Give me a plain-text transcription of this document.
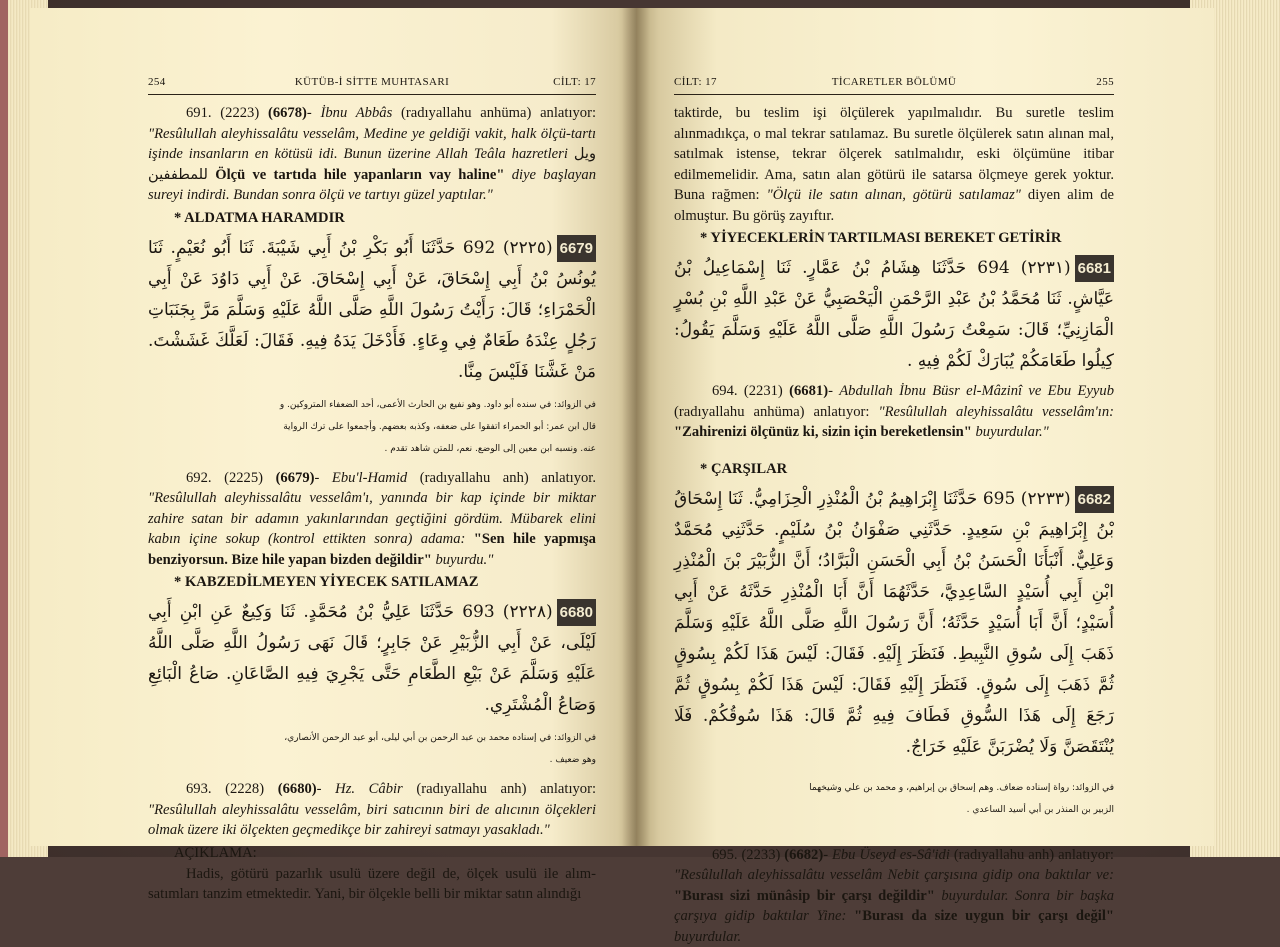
254	KÜTÜB-İ SİTTE MUHTASARI	CİLT: 17

691. (2223) (6678)- İbnu Abbâs (radıyallahu anhüma) anlatıyor: "Resûlullah aleyhissalâtu vesselâm, Medine ye geldiği vakit, halk ölçü-tartı işinde insanların en kötüsü idi. Bunun üzerine Allah Teâla hazretleri ويل للمطففين Ölçü ve tartıda hile yapanların vay haline" diye başlayan sureyi indirdi. Bundan sonra ölçü ve tartıyı güzel yaptılar."

* ALDATMA HARAMDIR
6679(٢٢٢٥) 692 حَدَّثَنَا أَبُو بَكْرِ بْنُ أَبِي شَيْبَةَ. ثَنَا أَبُو نُعَيْمٍ. ثَنَا يُونُسُ بْنُ أَبِي إِسْحَاقَ، عَنْ أَبِي إِسْحَاقَ. عَنْ أَبِي دَاوُدَ عَنْ أَبِي الْحَمْرَاءِ؛ قَالَ: رَأَيْتُ رَسُولَ اللَّهِ صَلَّى اللَّهُ عَلَيْهِ وَسَلَّمَ مَرَّ بِجَنَبَاتِ رَجُلٍ عِنْدَهُ طَعَامٌ فِي وِعَاءٍ. فَأَدْخَلَ يَدَهُ فِيهِ. فَقَالَ: لَعَلَّكَ غَشَشْتَ. مَنْ غَشَّنَا فَلَيْسَ مِنَّا.
في الزوائد: في سنده أبو داود. وهو نفيع بن الحارث الأعمى، أحد الضعفاء المتروكين. و
قال ابن عمر: أبو الحمراء اتفقوا على ضعفه، وكذبه بعضهم. وأجمعوا على ترك الرواية
عنه. ونسبه ابن معين إلى الوضع. نعم، للمتن شاهد تقدم .

692. (2225) (6679)- Ebu'l-Hamid (radıyallahu anh) anlatıyor. "Resûlullah aleyhissalâtu vesselâm'ı, yanında bir kap içinde bir miktar zahire satan bir adamın yakınlarından geçtiğini gördüm. Mübarek elini kabın içine sokup (kontrol ettikten sonra) adama: "Sen hile yapmışa benziyorsun. Bize hile yapan bizden değildir" buyurdu."

* KABZEDİLMEYEN YİYECEK SATILAMAZ
6680(٢٢٢٨) 693 حَدَّثَنَا عَلِيُّ بْنُ مُحَمَّدٍ. ثَنَا وَكِيعٌ عَنِ ابْنِ أَبِي لَيْلَى، عَنْ أَبِي الزُّبَيْرِ عَنْ جَابِرٍ؛ قَالَ نَهَى رَسُولُ اللَّهِ صَلَّى اللَّهُ عَلَيْهِ وَسَلَّمَ عَنْ بَيْعِ الطَّعَامِ حَتَّى يَجْرِيَ فِيهِ الصَّاعَانِ. صَاعُ الْبَائِعِ وَصَاعُ الْمُشْتَرِي.
في الزوائد: في إسناده محمد بن عبد الرحمن بن أبي ليلى، أبو عبد الرحمن الأنصاري،
وهو ضعيف .

693. (2228) (6680)- Hz. Câbir (radıyallahu anh) anlatıyor: "Resûlullah aleyhissalâtu vesselâm, biri satıcının biri de alıcının ölçekleri olmak üzere iki ölçekten geçmedikçe bir zahireyi satmayı yasakladı."

AÇIKLAMA:

Hadis, götürü pazarlık usulü üzere değil de, ölçek usulü ile alım-satımları tanzim etmektedir. Yani, bir ölçekle belli bir miktar satın alındığı

CİLT: 17	TİCARETLER BÖLÜMÜ	255

taktirde, bu teslim işi ölçülerek yapılmalıdır. Bu suretle teslim alınmadıkça, o mal tekrar satılamaz. Bu suretle ölçülerek satın alınan mal, satılmak istense, tekrar ölçerek satılmalıdır, eski ölçümüne itibar edilmemelidir. Ama, satın alan götürü ile satarsa ölçmeye gerek yoktur. Buna rağmen: "Ölçü ile satın alınan, götürü satılamaz" diyen alim de olmuştur. Bu görüş zayıftır.

* YİYECEKLERİN TARTILMASI BEREKET GETİRİR
6681(٢٢٣١) 694 حَدَّثَنَا هِشَامُ بْنُ عَمَّارٍ. ثَنَا إِسْمَاعِيلُ بْنُ عَيَّاشٍ. ثَنَا مُحَمَّدُ بْنُ عَبْدِ الرَّحْمَنِ الْيَحْصَبِيُّ عَنْ عَبْدِ اللَّهِ بْنِ بُسْرٍ الْمَازِنِيِّ؛ قَالَ: سَمِعْتُ رَسُولَ اللَّهِ صَلَّى اللَّهُ عَلَيْهِ وَسَلَّمَ يَقُولُ: كِيلُوا طَعَامَكُمْ يُبَارَكْ لَكُمْ فِيهِ .

694. (2231) (6681)- Abdullah İbnu Büsr el-Mâzinî ve Ebu Eyyub (radıyallahu anhüma) anlatıyor: "Resûlullah aleyhissalâtu vesselâm'ın: "Zahirenizi ölçünüz ki, sizin için bereketlensin" buyurdular."

* ÇARŞILAR
6682(٢٢٣٣) 695 حَدَّثَنَا إِبْرَاهِيمُ بْنُ الْمُنْذِرِ الْحِزَامِيُّ. ثَنَا إِسْحَاقُ بْنُ إِبْرَاهِيمَ بْنِ سَعِيدٍ. حَدَّثَنِي صَفْوَانُ بْنُ سُلَيْمٍ. حَدَّثَنِي مُحَمَّدٌ وَعَلِيٌّ. أَنْبَأَنَا الْحَسَنُ بْنُ أَبِي الْحَسَنِ الْبَرَّادُ؛ أَنَّ الزُّبَيْرَ بْنَ الْمُنْذِرِ ابْنِ أَبِي أُسَيْدٍ السَّاعِدِيَّ، حَدَّثَهُمَا أَنَّ أَبَا الْمُنْذِرِ حَدَّثَهُ عَنْ أَبِي أُسَيْدٍ؛ أَنَّ أَبَا أُسَيْدٍ حَدَّثَهُ؛ أَنَّ رَسُولَ اللَّهِ صَلَّى اللَّهُ عَلَيْهِ وَسَلَّمَ ذَهَبَ إِلَى سُوقِ النَّبِيطِ. فَنَظَرَ إِلَيْهِ. فَقَالَ: لَيْسَ هَذَا لَكُمْ بِسُوقٍ ثُمَّ ذَهَبَ إِلَى سُوقٍ. فَنَظَرَ إِلَيْهِ فَقَالَ: لَيْسَ هَذَا لَكُمْ بِسُوقٍ ثُمَّ رَجَعَ إِلَى هَذَا السُّوقِ فَطَافَ فِيهِ ثُمَّ قَالَ: هَذَا سُوقُكُمْ. فَلَا يُنْتَقَصَنَّ وَلَا يُضْرَبَنَّ عَلَيْهِ خَرَاجٌ.
في الزوائد: رواة إسناده ضعاف. وهم إسحاق بن إبراهيم، و محمد بن علي وشيخهما
الزبير بن المنذر بن أبي أسيد الساعدي .

695. (2233) (6682)- Ebu Üseyd es-Sâ'idi (radıyallahu anh) anlatıyor: "Resûlullah aleyhissalâtu vesselâm Nebit çarşısına gidip ona baktılar ve: "Burası sizi münâsip bir çarşı değildir" buyurdular. Sonra bir başka çarşıya gidip baktılar Yine: "Burası da size uygun bir çarşı değil" buyurdular.
